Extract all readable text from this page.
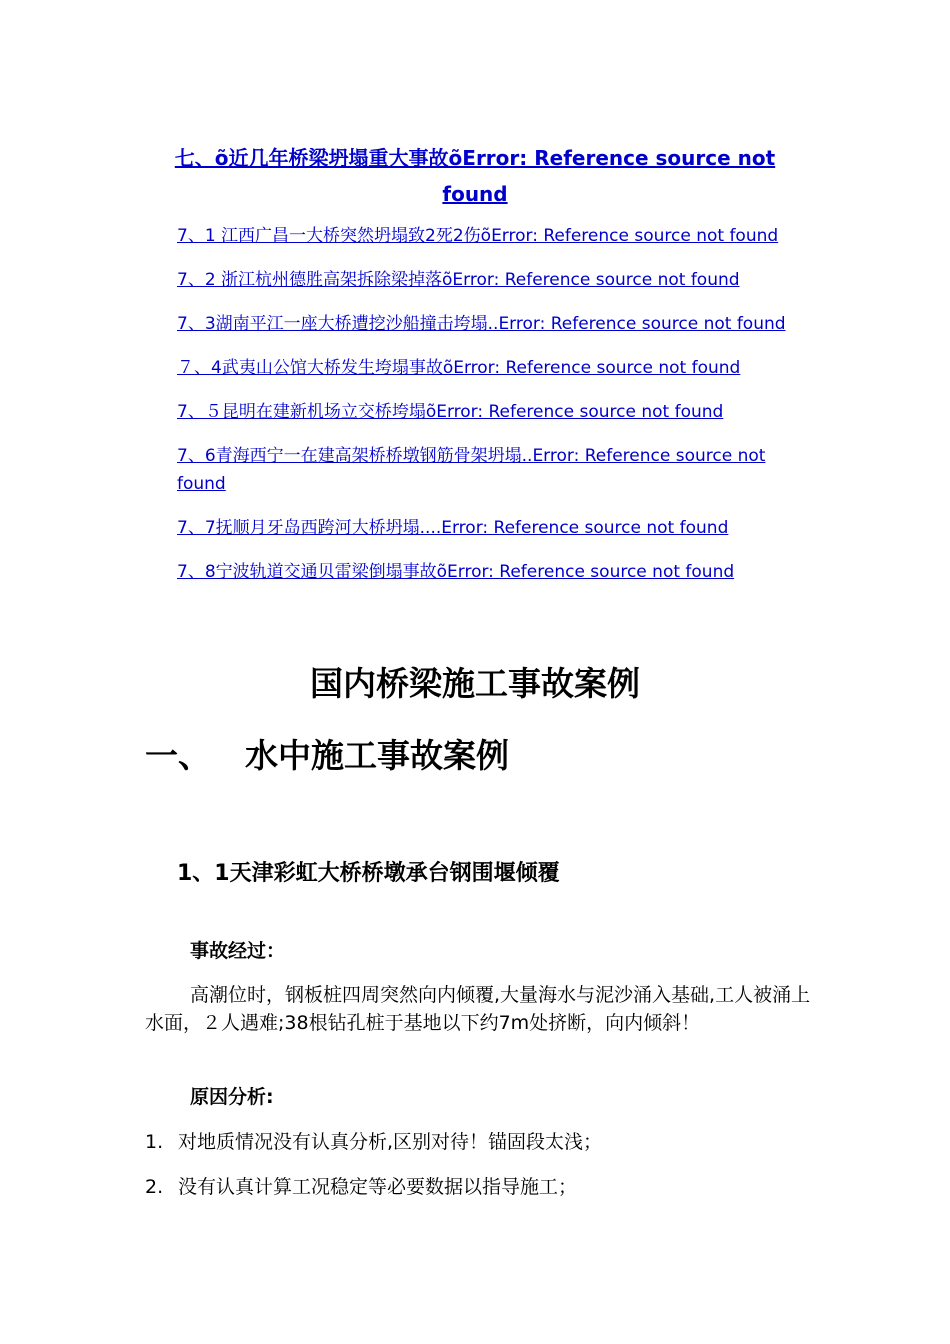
七、õ近几年桥梁坍塌重大事故õError: Reference source not found
7、1 江西广昌一大桥突然坍塌致2死2伤õError: Reference source not found
7、2 浙江杭州德胜高架拆除梁掉落õError: Reference source not found
7、3湖南平江一座大桥遭挖沙船撞击垮塌..Error: Reference source not found
７、4武夷山公馆大桥发生垮塌事故õError: Reference source not found
7、５昆明在建新机场立交桥垮塌õError: Reference source not found
7、6青海西宁一在建高架桥桥墩钢筋骨架坍塌..Error: Reference source not found
7、7抚顺月牙岛西跨河大桥坍塌....Error: Reference source not found
7、8宁波轨道交通贝雷梁倒塌事故õError: Reference source not found
国内桥梁施工事故案例
一、 水中施工事故案例
1、1天津彩虹大桥桥墩承台钢围堰倾覆

事故经过：

高潮位时，钢板桩四周突然向内倾覆,大量海水与泥沙涌入基础,工人被涌上水面，２人遇难;38根钻孔桩于基地以下约7m处挤断，向内倾斜！

原因分析:

1. 对地质情况没有认真分析,区别对待！锚固段太浅；

2. 没有认真计算工况稳定等必要数据以指导施工；
